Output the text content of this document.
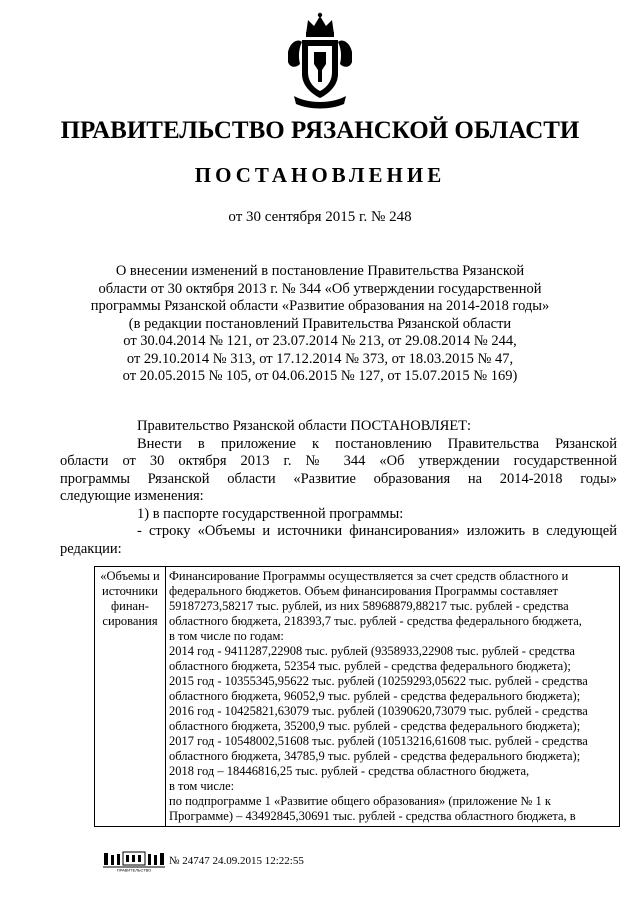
ПРАВИТЕЛЬСТВО РЯЗАНСКОЙ ОБЛАСТИ
ПОСТАНОВЛЕНИЕ
от 30 сентября 2015 г. № 248
О внесении изменений в постановление Правительства Рязанской
области от 30 октября 2013 г. № 344 «Об утверждении государственной
программы Рязанской области «Развитие образования на 2014-2018 годы»
(в редакции постановлений Правительства Рязанской области
от 30.04.2014 № 121, от 23.07.2014 № 213, от 29.08.2014 № 244,
от 29.10.2014 № 313, от 17.12.2014 № 373, от 18.03.2015 № 47,
от 20.05.2015 № 105, от 04.06.2015 № 127, от 15.07.2015 № 169)
Правительство Рязанской области ПОСТАНОВЛЯЕТ:
Внести в приложение к постановлению Правительства Рязанской
области от 30 октября 2013 г. № 344 «Об утверждении государственной
программы Рязанской области «Развитие образования на 2014-2018 годы»
следующие изменения:
1) в паспорте государственной программы:
- строку «Объемы и источники финансирования» изложить в следующей
редакции:
«Объемы и
источники
финан-
сирования

Финансирование Программы осуществляется за счет средств областного и
федерального бюджетов. Объем финансирования Программы составляет
59187273,58217 тыс. рублей, из них 58968879,88217 тыс. рублей - средства
областного бюджета, 218393,7 тыс. рублей - средства федерального бюджета,
в том числе по годам:
2014 год - 9411287,22908 тыс. рублей (9358933,22908 тыс. рублей - средства
областного бюджета, 52354 тыс. рублей - средства федерального бюджета);
2015 год - 10355345,95622 тыс. рублей (10259293,05622 тыс. рублей - средства
областного бюджета, 96052,9 тыс. рублей - средства федерального бюджета);
2016 год - 10425821,63079 тыс. рублей (10390620,73079 тыс. рублей - средства
областного бюджета, 35200,9 тыс. рублей - средства федерального бюджета);
2017 год - 10548002,51608 тыс. рублей (10513216,61608 тыс. рублей - средства
областного бюджета, 34785,9 тыс. рублей - средства федерального бюджета);
2018 год – 18446816,25 тыс. рублей - средства областного бюджета,
в том числе:
по подпрограмме 1 «Развитие общего образования» (приложение № 1 к
Программе) – 43492845,30691 тыс. рублей - средства областного бюджета, в
ПРАВИТЕЛЬСТВО
№ 24747 24.09.2015 12:22:55
